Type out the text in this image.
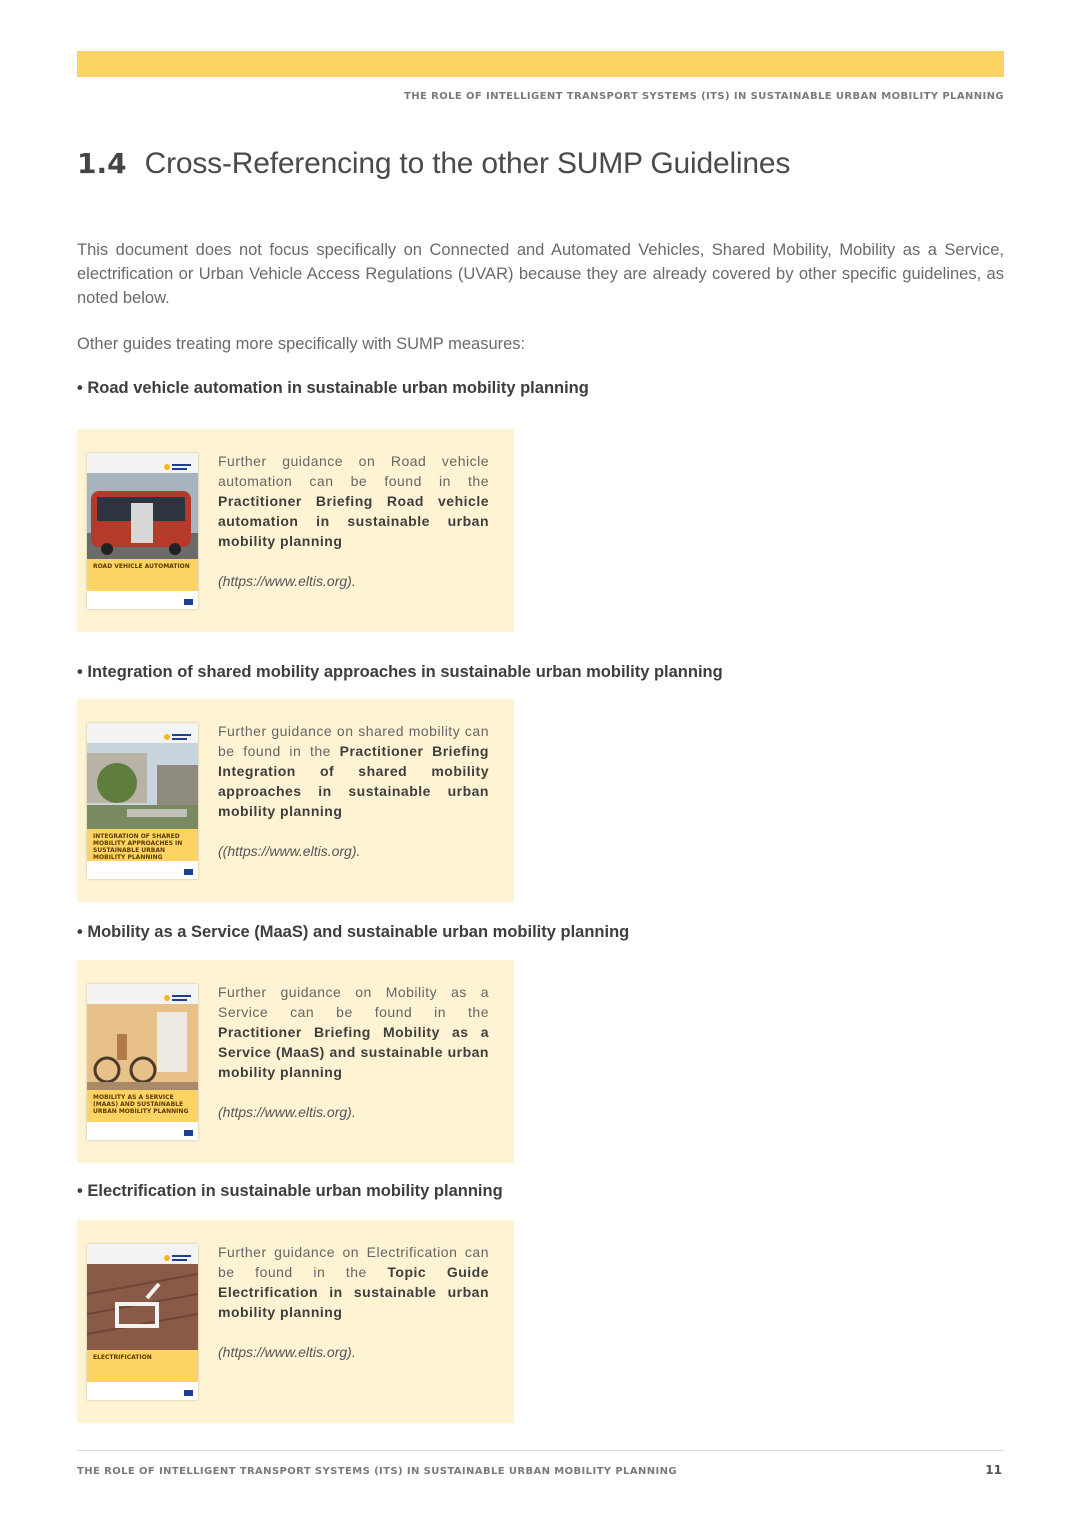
THE ROLE OF INTELLIGENT TRANSPORT SYSTEMS (ITS) IN SUSTAINABLE URBAN MOBILITY PLANNING
1.4 Cross-Referencing to the other SUMP Guidelines

This document does not focus specifically on Connected and Automated Vehicles, Shared Mobility, Mobility as a Service, electrification or Urban Vehicle Access Regulations (UVAR) because they are already covered by other specific guidelines, as noted below.

Other guides treating more specifically with SUMP measures:

• Road vehicle automation in sustainable urban mobility planning
ROAD VEHICLE AUTOMATION
Further guidance on Road vehicle automation can be found in the Practitioner Briefing Road vehicle automation in sustainable urban mobility planning
(https://www.eltis.org).
• Integration of shared mobility approaches in sustainable urban mobility planning
INTEGRATION OF SHARED MOBILITY APPROACHES IN SUSTAINABLE URBAN MOBILITY PLANNING
Further guidance on shared mobility can be found in the Practitioner Briefing Integration of shared mobility approaches in sustainable urban mobility planning
((https://www.eltis.org).
• Mobility as a Service (MaaS) and sustainable urban mobility planning
MOBILITY AS A SERVICE (MAAS) AND SUSTAINABLE URBAN MOBILITY PLANNING
Further guidance on Mobility as a Service can be found in the Practitioner Briefing Mobility as a Service (MaaS) and sustainable urban mobility planning
(https://www.eltis.org).
• Electrification in sustainable urban mobility planning
ELECTRIFICATION
Further guidance on Electrification can be found in the Topic Guide Electrification in sustainable urban mobility planning
(https://www.eltis.org).
THE ROLE OF INTELLIGENT TRANSPORT SYSTEMS (ITS) IN SUSTAINABLE URBAN MOBILITY PLANNING	11
